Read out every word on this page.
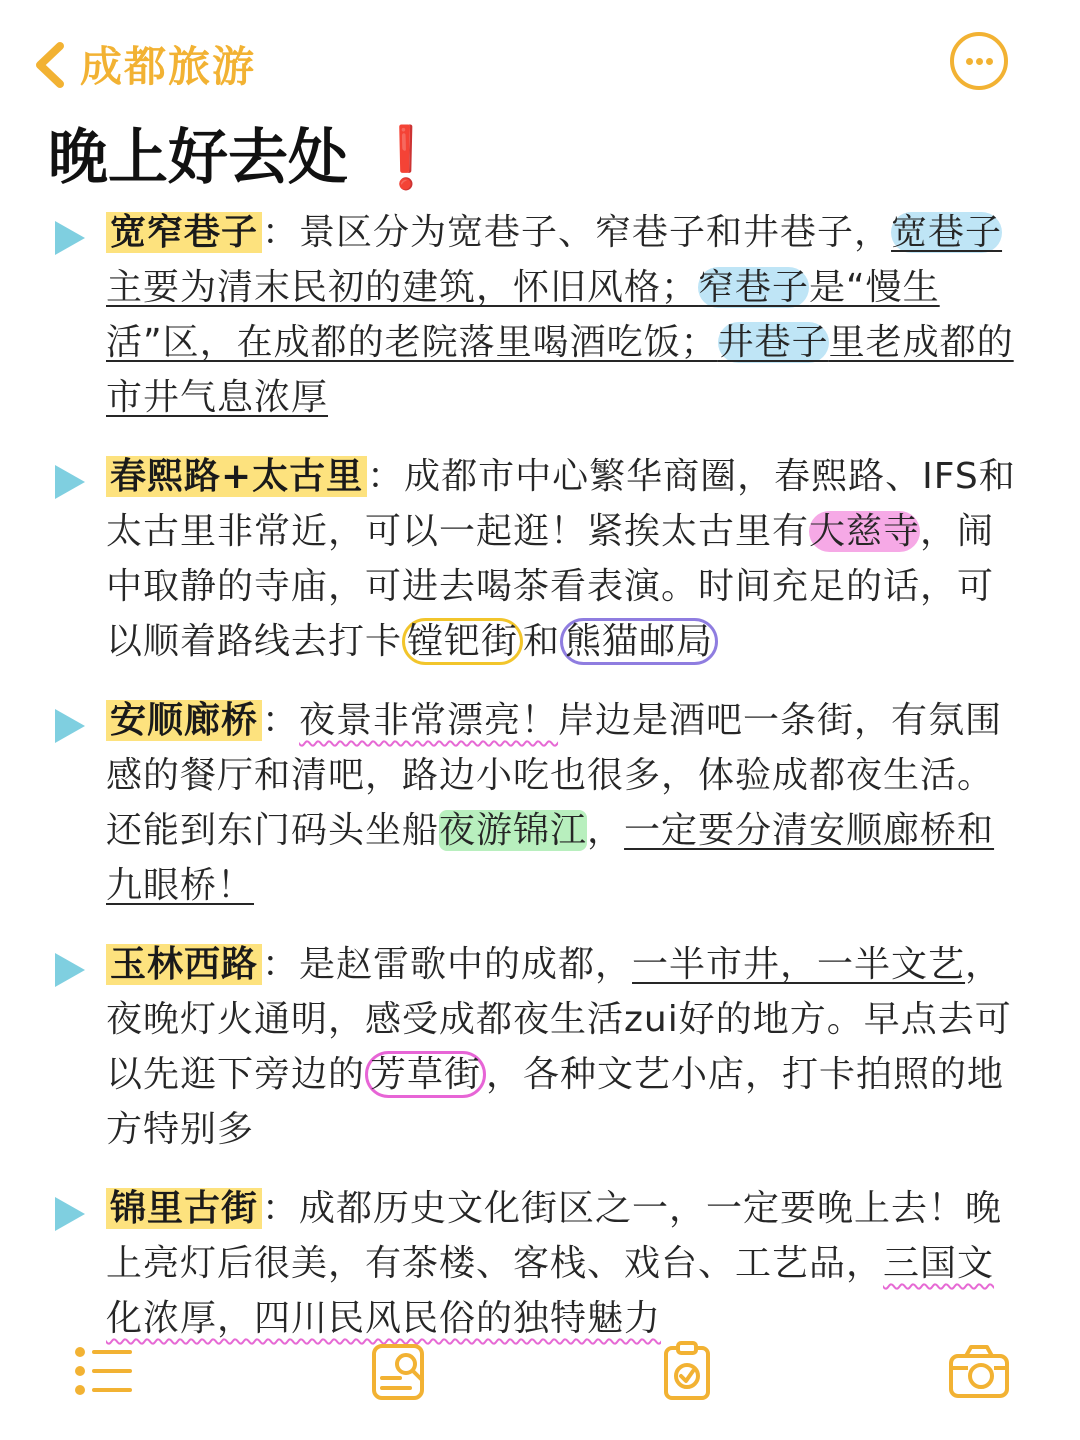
成都旅游
晚上好去处 ❗

宽窄巷子 ：景区分为宽巷子、窄巷子和井巷子，宽巷子主要为清末民初的建筑，怀旧风格；窄巷子是“慢生活”区，在成都的老院落里喝酒吃饭；井巷子里老成都的市井气息浓厚

春熙路+太古里 ：成都市中心繁华商圈，春熙路、IFS和太古里非常近，可以一起逛！紧挨太古里有大慈寺，闹中取静的寺庙，可进去喝茶看表演。时间充足的话，可以顺着路线去打卡 镗钯街 和 熊猫邮局

安顺廊桥 ：夜景非常漂亮！岸边是酒吧一条街，有氛围感的餐厅和清吧，路边小吃也很多，体验成都夜生活。还能到东门码头坐船夜游锦江，一定要分清安顺廊桥和九眼桥！

玉林西路 ：是赵雷歌中的成都，一半市井，一半文艺，夜晚灯火通明，感受成都夜生活zui好的地方。早点去可以先逛下旁边的 芳草街 ，各种文艺小店，打卡拍照的地方特别多

锦里古街 ：成都历史文化街区之一，一定要晚上去！晚上亮灯后很美，有茶楼、客栈、戏台、工艺品，三国文化浓厚，四川民风民俗的独特魅力
